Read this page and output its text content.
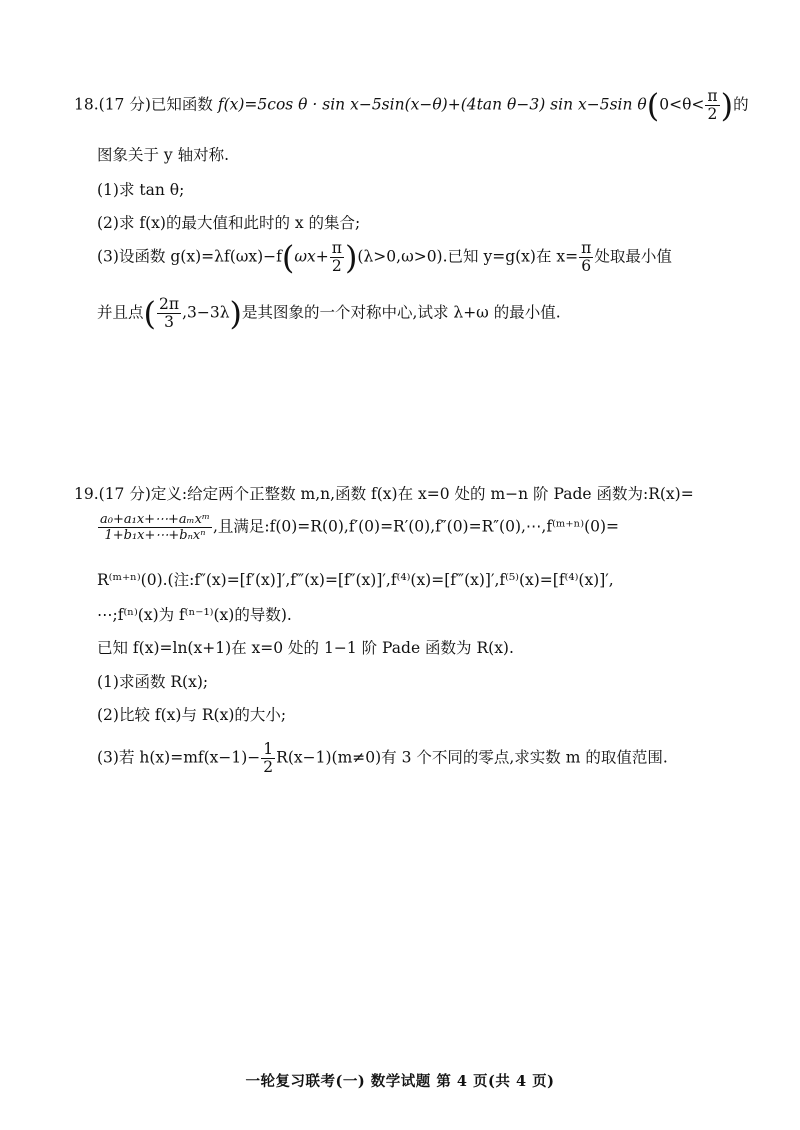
18.(17 分)已知函数 f(x)=5cos θ · sin x−5sin(x−θ)+(4tan θ−3) sin x−5sin $\theta(0<\theta< \frac{\pi}{2}$ )的
图象关于 y 轴对称.
(1)求 tan θ;
(2)求 f(x)的最大值和此时的 x 的集合;
(3)设函数 $g(x)=\lambda f(\omega x)-f(\omega x+ \frac{\pi}{2} )(\lambda>0,\omega>0)$.已知 y=g(x)在 $x= \frac{\pi}{6}$ 处取最小值
并且点( $\frac{2\pi}{3} ,3-3\lambda$)是其图象的一个对称中心,试求 λ+ω 的最小值.
19.(17 分)定义:给定两个正整数 m,n,函数 f(x)在 x=0 处的 m−n 阶 Pade 函数为:R(x)=
$\frac{\text{a₀+a₁x+⋯+aₘxᵐ}}{\text{1+b₁x+⋯+bₙxⁿ}}$ ,且满足:f(0)=R(0),f′(0)=R′(0),f″(0)=R″(0),⋯,f⁽ᵐ⁺ⁿ⁾(0)=
R⁽ᵐ⁺ⁿ⁾(0).(注:f″(x)=[f′(x)]′,f‴(x)=[f″(x)]′,f⁽⁴⁾(x)=[f‴(x)]′,f⁽⁵⁾(x)=[f⁽⁴⁾(x)]′,
⋯;f⁽ⁿ⁾(x)为 f⁽ⁿ⁻¹⁾(x)的导数).
已知 f(x)=ln(x+1)在 x=0 处的 1−1 阶 Pade 函数为 R(x).
(1)求函数 R(x);
(2)比较 f(x)与 R(x)的大小;
(3)若 $h(x)=mf(x-1)- \frac{1}{2} R(x-1)(m\ne 0)$有 3 个不同的零点,求实数 m 的取值范围.
一轮复习联考(一) 数学试题 第 4 页(共 4 页)
